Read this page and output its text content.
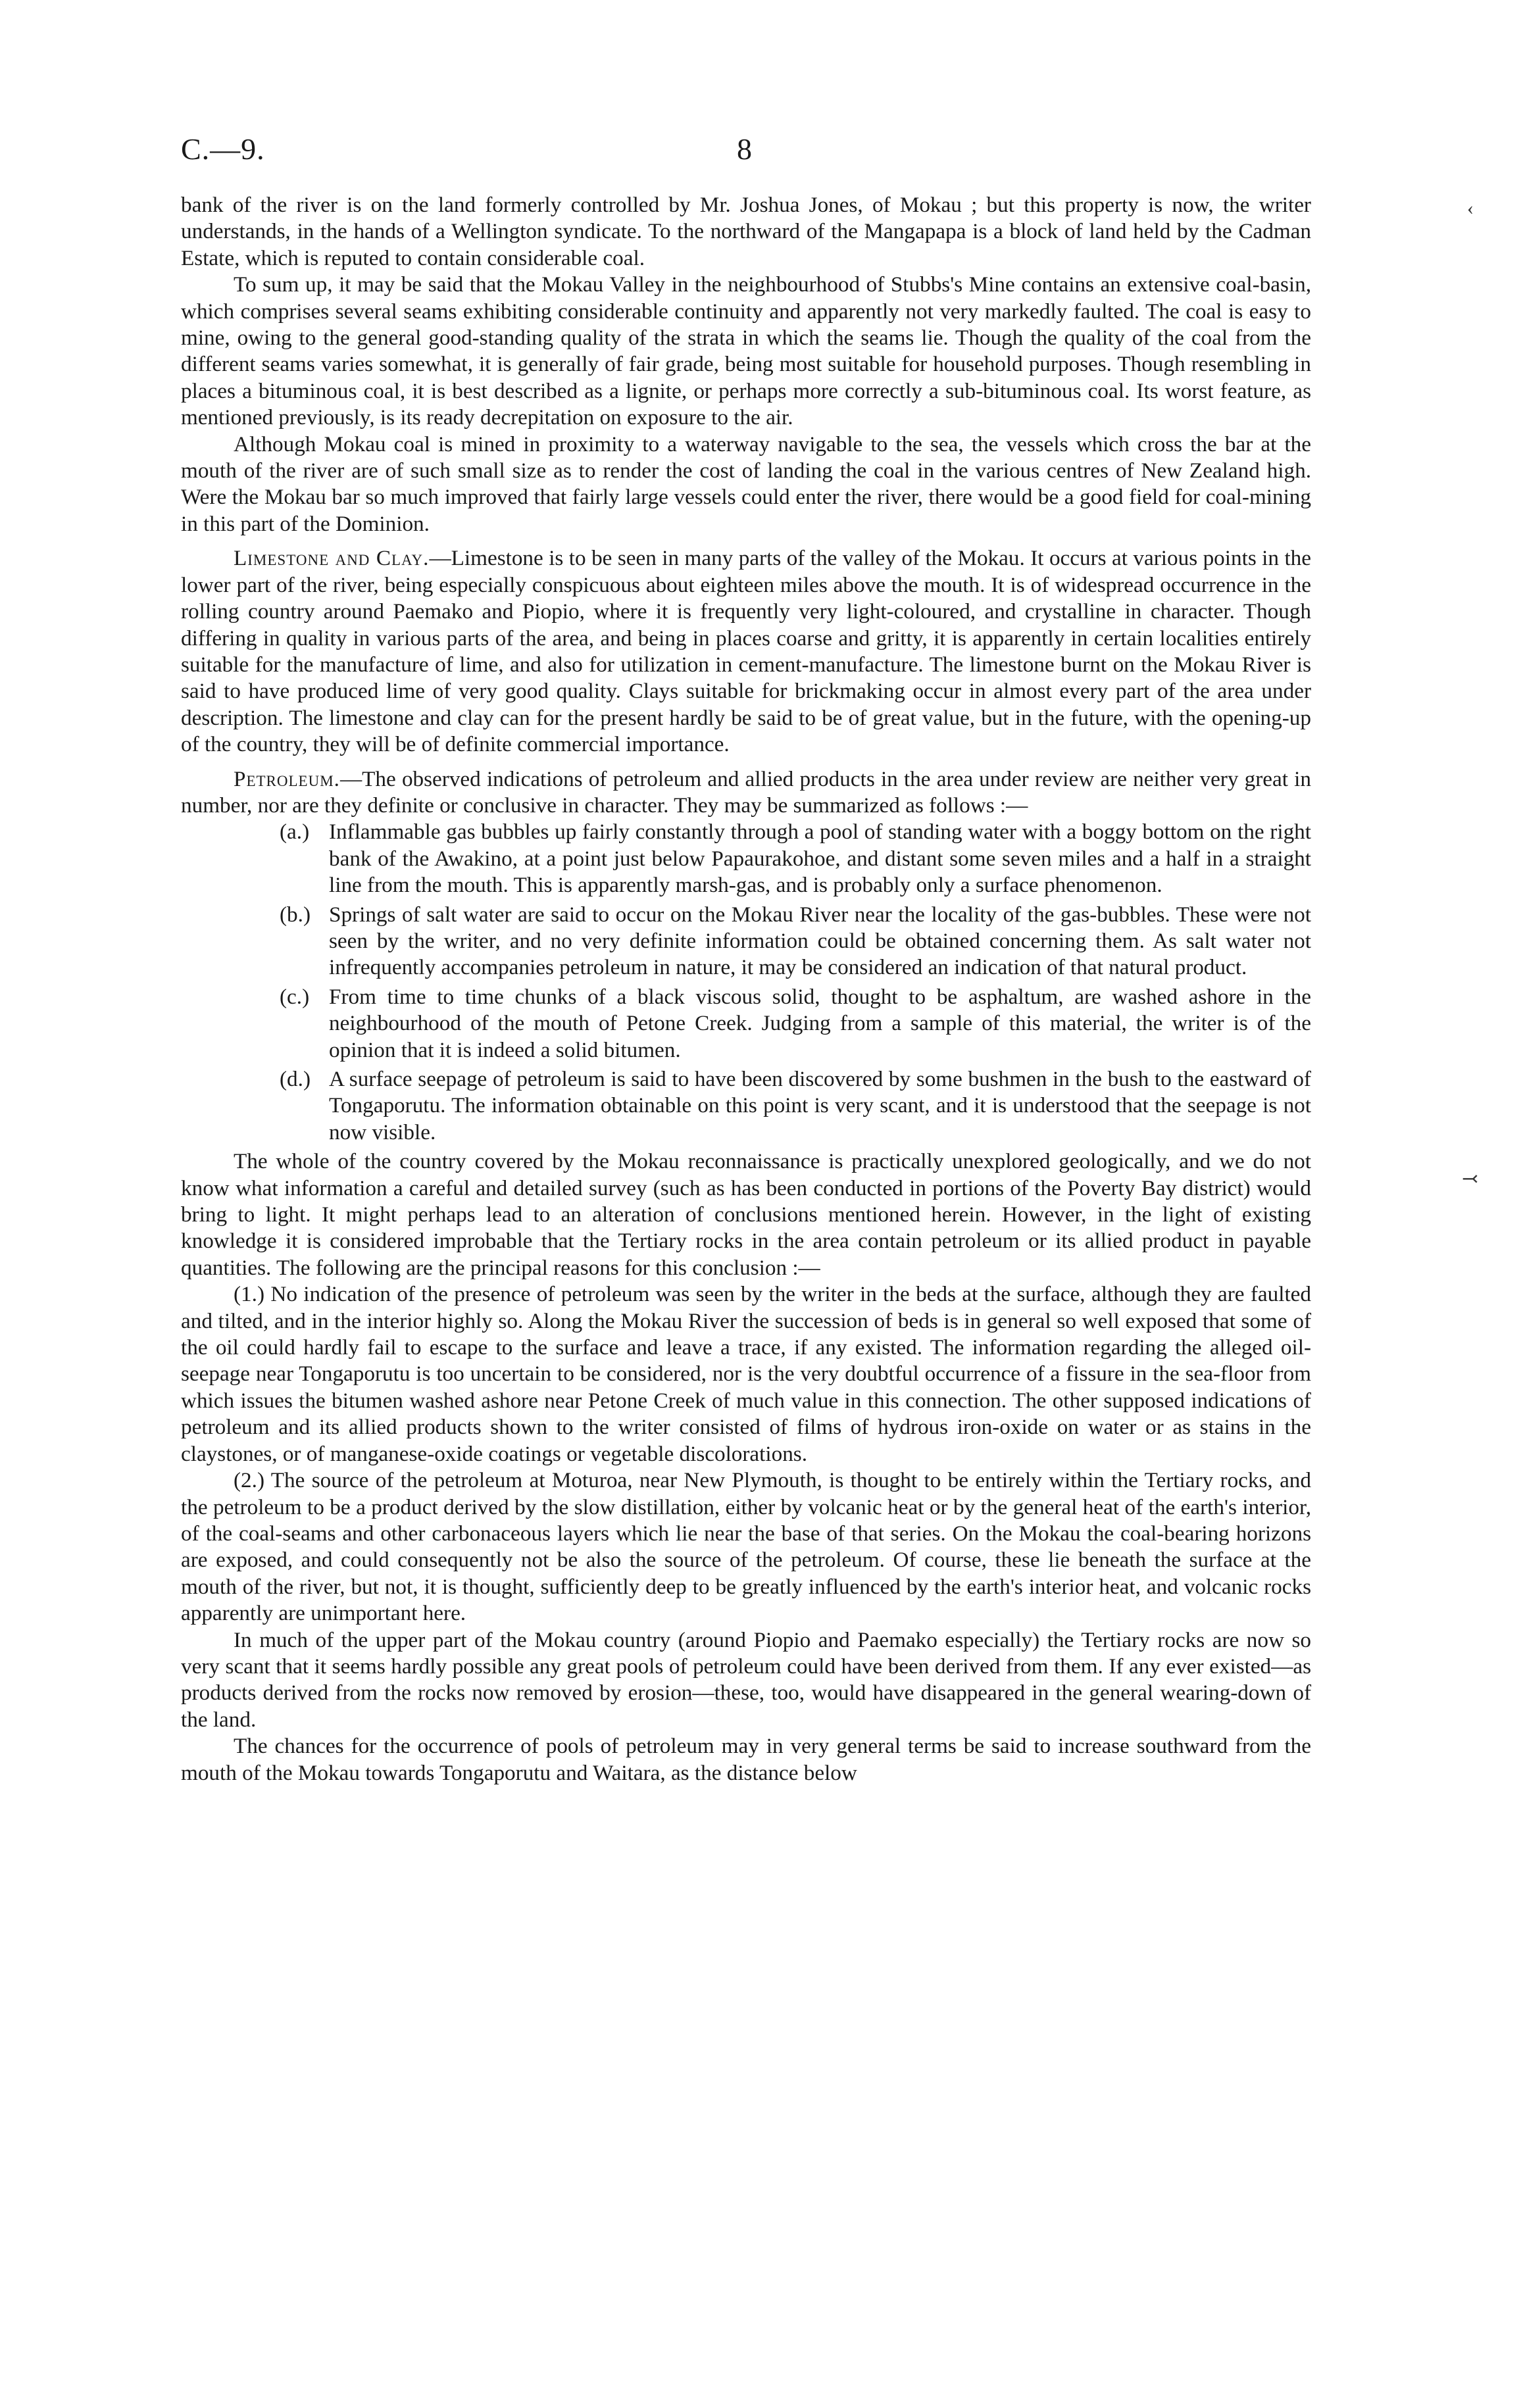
C.—9.	8
‹
⤙

bank of the river is on the land formerly controlled by Mr. Joshua Jones, of Mokau ; but this property is now, the writer understands, in the hands of a Wellington syndicate. To the northward of the Mangapapa is a block of land held by the Cadman Estate, which is reputed to contain considerable coal.

To sum up, it may be said that the Mokau Valley in the neighbourhood of Stubbs's Mine contains an extensive coal-basin, which comprises several seams exhibiting considerable continuity and apparently not very markedly faulted. The coal is easy to mine, owing to the general good-standing quality of the strata in which the seams lie. Though the quality of the coal from the different seams varies somewhat, it is generally of fair grade, being most suitable for household purposes. Though resembling in places a bituminous coal, it is best described as a lignite, or perhaps more correctly a sub-bituminous coal. Its worst feature, as mentioned previously, is its ready decrepitation on exposure to the air.

Although Mokau coal is mined in proximity to a waterway navigable to the sea, the vessels which cross the bar at the mouth of the river are of such small size as to render the cost of landing the coal in the various centres of New Zealand high. Were the Mokau bar so much improved that fairly large vessels could enter the river, there would be a good field for coal-mining in this part of the Dominion.

Limestone and Clay.—Limestone is to be seen in many parts of the valley of the Mokau. It occurs at various points in the lower part of the river, being especially conspicuous about eighteen miles above the mouth. It is of widespread occurrence in the rolling country around Paemako and Piopio, where it is frequently very light-coloured, and crystalline in character. Though differing in quality in various parts of the area, and being in places coarse and gritty, it is apparently in certain localities entirely suitable for the manufacture of lime, and also for utilization in cement-manufacture. The limestone burnt on the Mokau River is said to have produced lime of very good quality. Clays suitable for brickmaking occur in almost every part of the area under description. The limestone and clay can for the present hardly be said to be of great value, but in the future, with the opening-up of the country, they will be of definite commercial importance.

Petroleum.—The observed indications of petroleum and allied products in the area under review are neither very great in number, nor are they definite or conclusive in character. They may be summarized as follows :—

(a.) Inflammable gas bubbles up fairly constantly through a pool of standing water with a boggy bottom on the right bank of the Awakino, at a point just below Papaurakohoe, and distant some seven miles and a half in a straight line from the mouth. This is apparently marsh-gas, and is probably only a surface phenomenon.
(b.) Springs of salt water are said to occur on the Mokau River near the locality of the gas-bubbles. These were not seen by the writer, and no very definite information could be obtained concerning them. As salt water not infrequently accompanies petroleum in nature, it may be considered an indication of that natural product.
(c.) From time to time chunks of a black viscous solid, thought to be asphaltum, are washed ashore in the neighbourhood of the mouth of Petone Creek. Judging from a sample of this material, the writer is of the opinion that it is indeed a solid bitumen.
(d.) A surface seepage of petroleum is said to have been discovered by some bushmen in the bush to the eastward of Tongaporutu. The information obtainable on this point is very scant, and it is understood that the seepage is not now visible.

The whole of the country covered by the Mokau reconnaissance is practically unexplored geologically, and we do not know what information a careful and detailed survey (such as has been conducted in portions of the Poverty Bay district) would bring to light. It might perhaps lead to an alteration of conclusions mentioned herein. However, in the light of existing knowledge it is considered improbable that the Tertiary rocks in the area contain petroleum or its allied product in payable quantities. The following are the principal reasons for this conclusion :—

(1.) No indication of the presence of petroleum was seen by the writer in the beds at the surface, although they are faulted and tilted, and in the interior highly so. Along the Mokau River the succession of beds is in general so well exposed that some of the oil could hardly fail to escape to the surface and leave a trace, if any existed. The information regarding the alleged oil-seepage near Tongaporutu is too uncertain to be considered, nor is the very doubtful occurrence of a fissure in the sea-floor from which issues the bitumen washed ashore near Petone Creek of much value in this connection. The other supposed indications of petroleum and its allied products shown to the writer consisted of films of hydrous iron-oxide on water or as stains in the claystones, or of manganese-oxide coatings or vegetable discolorations.

(2.) The source of the petroleum at Moturoa, near New Plymouth, is thought to be entirely within the Tertiary rocks, and the petroleum to be a product derived by the slow distillation, either by volcanic heat or by the general heat of the earth's interior, of the coal-seams and other carbonaceous layers which lie near the base of that series. On the Mokau the coal-bearing horizons are exposed, and could consequently not be also the source of the petroleum. Of course, these lie beneath the surface at the mouth of the river, but not, it is thought, sufficiently deep to be greatly influenced by the earth's interior heat, and volcanic rocks apparently are unimportant here.

In much of the upper part of the Mokau country (around Piopio and Paemako especially) the Tertiary rocks are now so very scant that it seems hardly possible any great pools of petroleum could have been derived from them. If any ever existed—as products derived from the rocks now removed by erosion—these, too, would have disappeared in the general wearing-down of the land.

The chances for the occurrence of pools of petroleum may in very general terms be said to increase southward from the mouth of the Mokau towards Tongaporutu and Waitara, as the distance below
